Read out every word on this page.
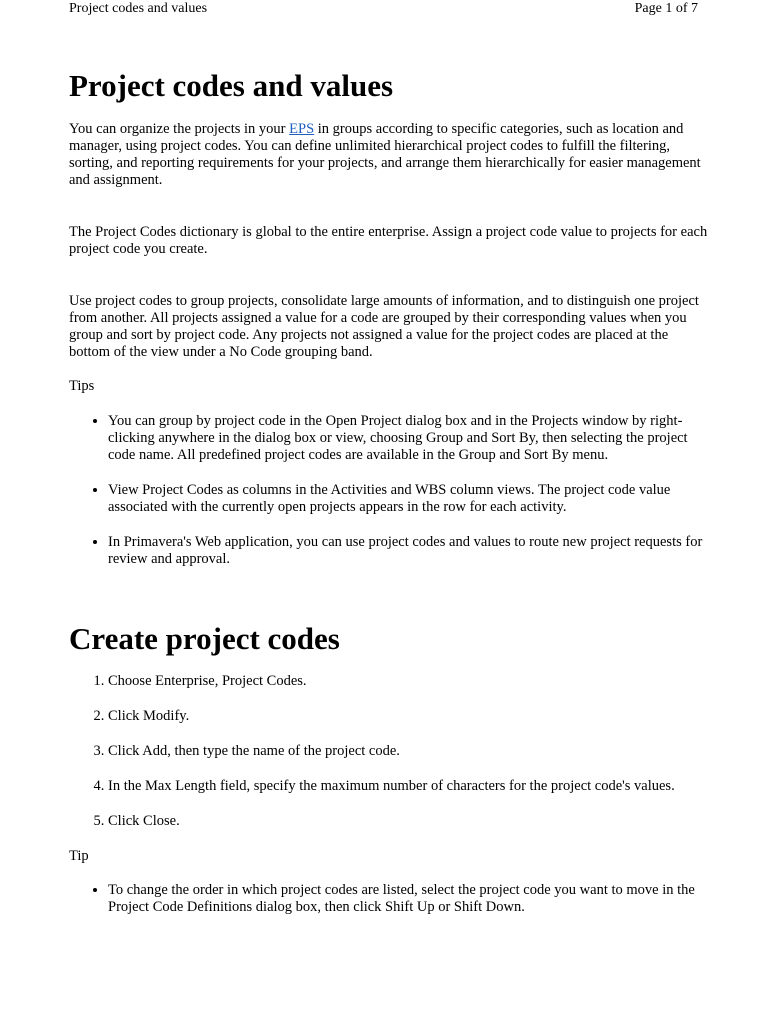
Project codes and values	Page 1 of 7
Project codes and values

You can organize the projects in your EPS in groups according to specific categories, such as location and manager, using project codes. You can define unlimited hierarchical project codes to fulfill the filtering, sorting, and reporting requirements for your projects, and arrange them hierarchically for easier management and assignment.

The Project Codes dictionary is global to the entire enterprise. Assign a project code value to projects for each project code you create.

Use project codes to group projects, consolidate large amounts of information, and to distinguish one project from another. All projects assigned a value for a code are grouped by their corresponding values when you group and sort by project code. Any projects not assigned a value for the project codes are placed at the bottom of the view under a No Code grouping band.

Tips

• You can group by project code in the Open Project dialog box and in the Projects window by right-clicking anywhere in the dialog box or view, choosing Group and Sort By, then selecting the project code name. All predefined project codes are available in the Group and Sort By menu.
• View Project Codes as columns in the Activities and WBS column views. The project code value associated with the currently open projects appears in the row for each activity.
• In Primavera's Web application, you can use project codes and values to route new project requests for review and approval.
Create project codes
1. Choose Enterprise, Project Codes.
2. Click Modify.
3. Click Add, then type the name of the project code.
4. In the Max Length field, specify the maximum number of characters for the project code's values.
5. Click Close.

Tip

• To change the order in which project codes are listed, select the project code you want to move in the Project Code Definitions dialog box, then click Shift Up or Shift Down.
